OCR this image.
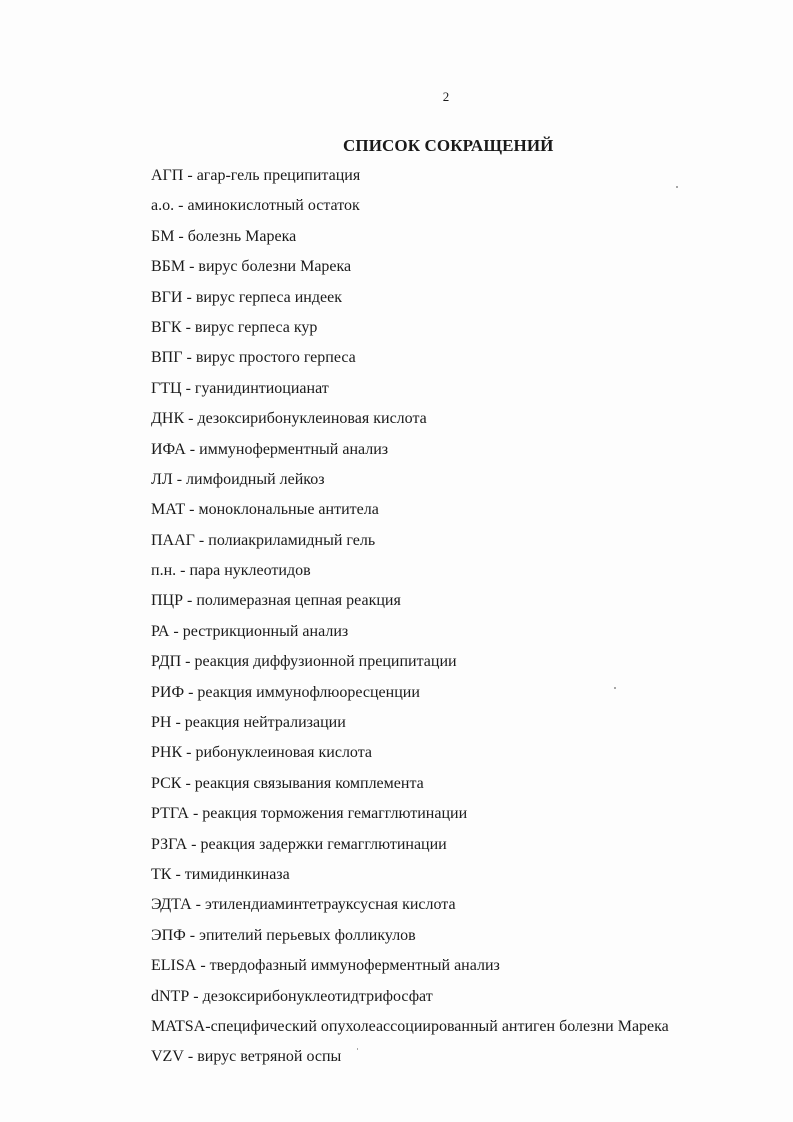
2
СПИСОК СОКРАЩЕНИЙ
АГП - агар-гель преципитация
а.о. - аминокислотный остаток
БМ - болезнь Марека
ВБМ - вирус болезни Марека
ВГИ - вирус герпеса индеек
ВГК - вирус герпеса кур
ВПГ - вирус простого герпеса
ГТЦ - гуанидинтиоцианат
ДНК - дезоксирибонуклеиновая кислота
ИФА - иммуноферментный анализ
ЛЛ - лимфоидный лейкоз
МАТ - моноклональные антитела
ПААГ - полиакриламидный гель
п.н. - пара нуклеотидов
ПЦР - полимеразная цепная реакция
РА - рестрикционный анализ
РДП - реакция диффузионной преципитации
РИФ - реакция иммунофлюоресценции
РН - реакция нейтрализации
РНК - рибонуклеиновая кислота
РСК - реакция связывания комплемента
РТГА - реакция торможения гемагглютинации
РЗГА - реакция задержки гемагглютинации
ТК - тимидинкиназа
ЭДТА - этилендиаминтетрауксусная кислота
ЭПФ - эпителий перьевых фолликулов
ELISA - твердофазный иммуноферментный анализ
dNTP - дезоксирибонуклеотидтрифосфат
MATSA - специфический опухолеассоциированный антиген болезни Марека
VZV - вирус ветряной оспы
